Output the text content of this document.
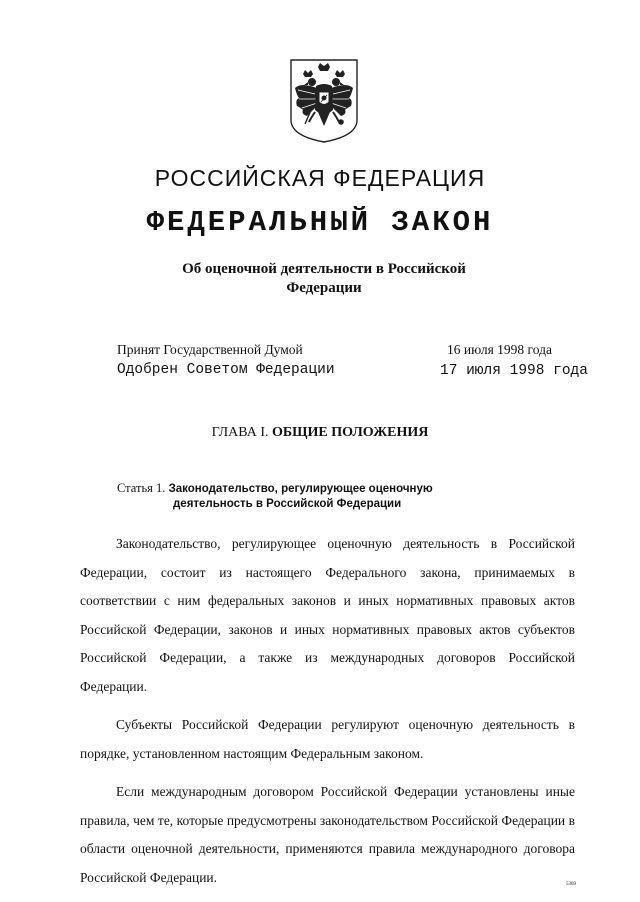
РОССИЙСКАЯ ФЕДЕРАЦИЯ
ФЕДЕРАЛЬНЫЙ ЗАКОН
Об оценочной деятельности в Российской
Федерации
Принят Государственной Думой	16 июля 1998 года
Одобрен Советом Федерации	17 июля 1998 года
ГЛАВА I. ОБЩИЕ ПОЛОЖЕНИЯ
Статья 1. Законодательство, регулирующее оценочную
деятельность в Российской Федерации

Законодательство, регулирующее оценочную деятельность в Российской Федерации, состоит из настоящего Федерального закона, принимаемых в соответствии с ним федеральных законов и иных нормативных правовых актов Российской Федерации, законов и иных нормативных правовых актов субъектов Российской Федерации, а также из международных договоров Российской Федерации.

Субъекты Российской Федерации регулируют оценочную деятельность в порядке, установленном настоящим Федеральным законом.

Если международным договором Российской Федерации установлены иные правила, чем те, которые предусмотрены законодательством Российской Федерации в области оценочной деятельности, применяются правила международного договора Российской Федерации.	5369
